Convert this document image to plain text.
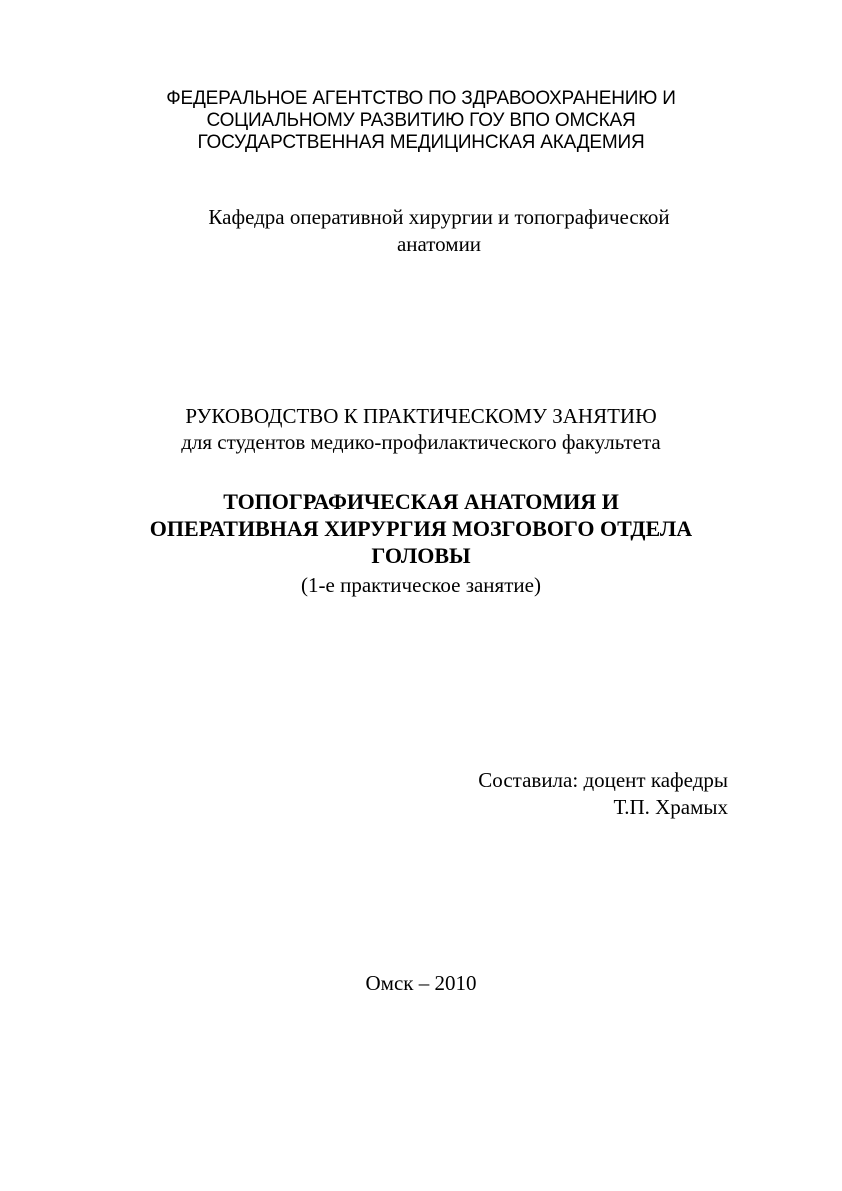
ФЕДЕРАЛЬНОЕ АГЕНТСТВО ПО ЗДРАВООХРАНЕНИЮ И
СОЦИАЛЬНОМУ РАЗВИТИЮ ГОУ ВПО ОМСКАЯ
ГОСУДАРСТВЕННАЯ МЕДИЦИНСКАЯ АКАДЕМИЯ
Кафедра оперативной хирургии и топографической
анатомии
РУКОВОДСТВО К ПРАКТИЧЕСКОМУ ЗАНЯТИЮ
для студентов медико-профилактического факультета
ТОПОГРАФИЧЕСКАЯ АНАТОМИЯ И
ОПЕРАТИВНАЯ ХИРУРГИЯ МОЗГОВОГО ОТДЕЛА
ГОЛОВЫ
(1-е практическое занятие)
Составила: доцент кафедры
Т.П. Храмых
Омск – 2010
